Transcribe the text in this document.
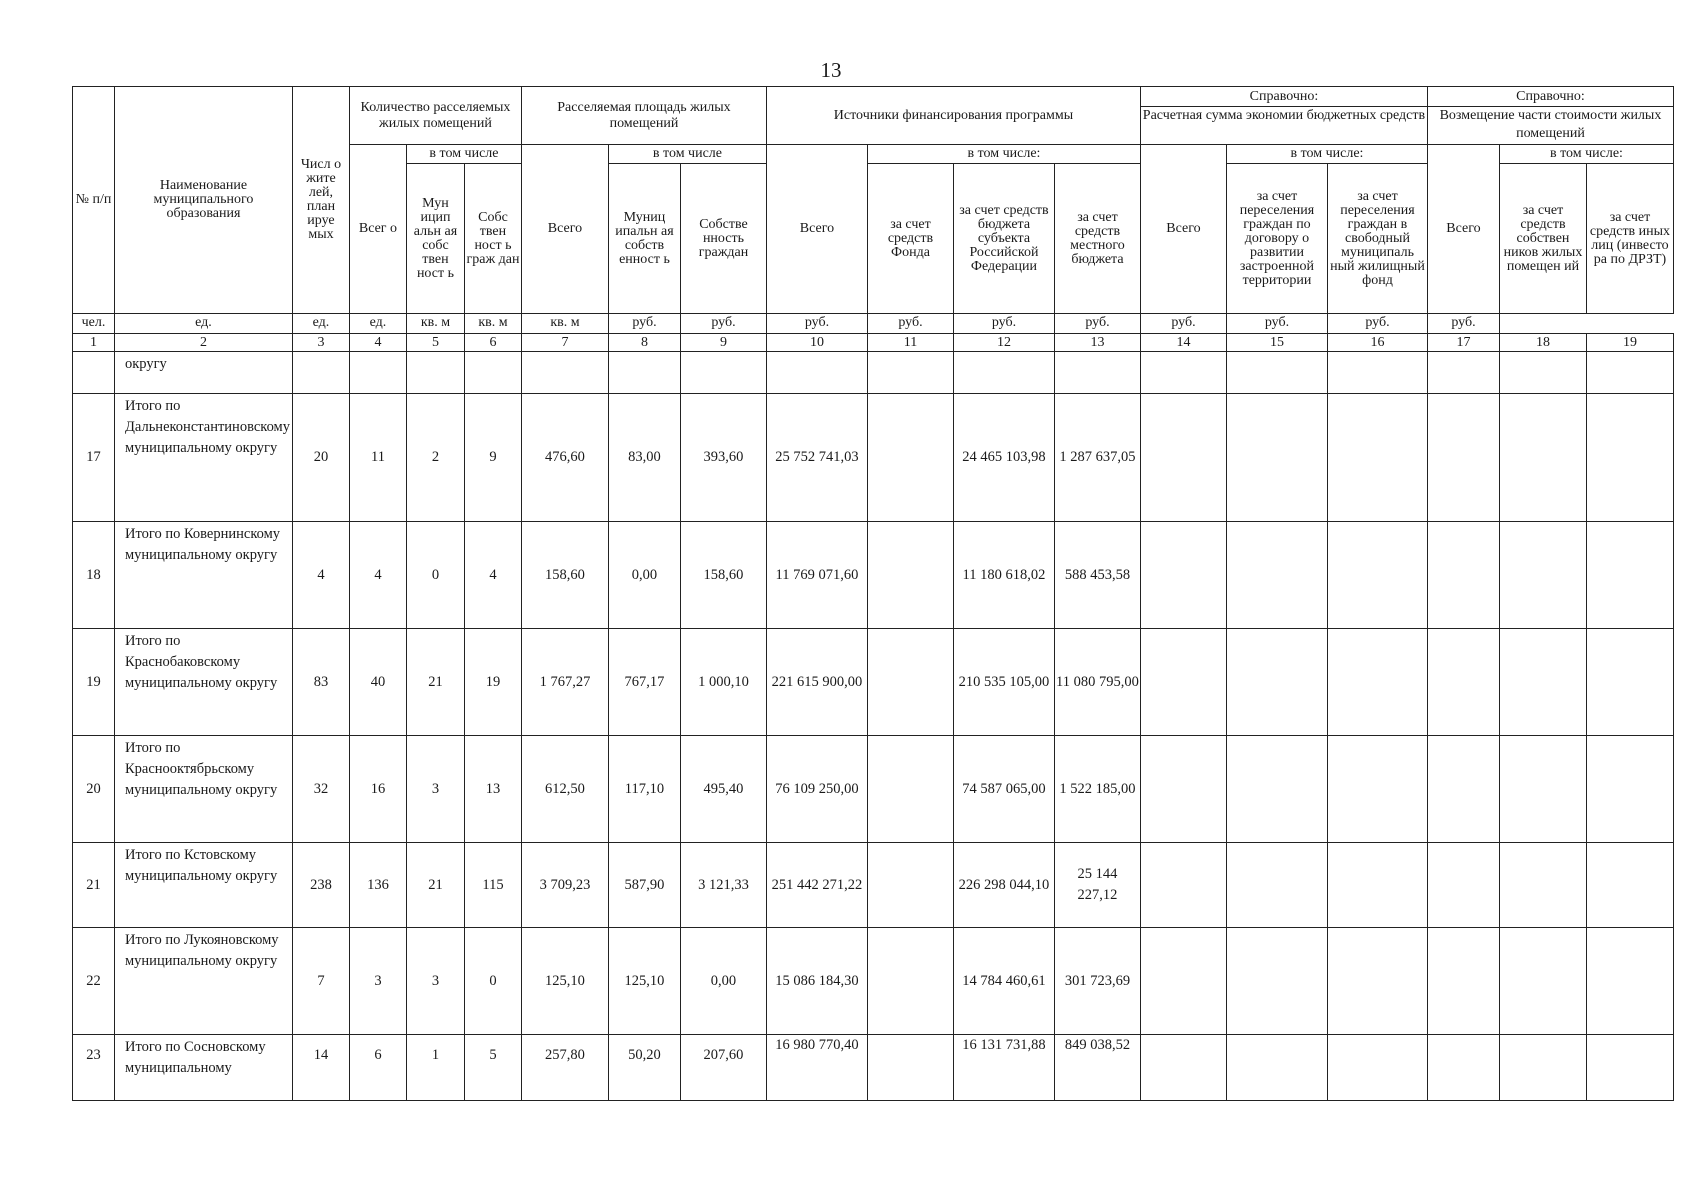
13
№ п/п	Наименование муниципального образования	Числ о жите лей, план ируе мых	Количество расселяемых жилых помещений			Расселяемая площадь жилых помещений			Источники финансирования программы				Справочно:			Справочно:		
													Расчетная сумма экономии бюджетных средств			Возмещение части стоимости жилых помещений		
			Всег о	в том числе		Всего	в том числе		Всего	в том числе:			Всего	в том числе:		Всего	в том числе:	
				Мун ицип альн ая собс твен ност ь	Собс твен ност ь граж дан		Муниц ипальн ая собств енност ь	Собстве нность граждан		за счет средств Фонда	за счет средств бюджета субъекта Российской Федерации	за счет средств местного бюджета		за счет переселения граждан по договору о развитии застроенной территории	за счет переселения граждан в свободный муниципаль ный жилищный фонд		за счет средств собствен ников жилых помещен ий	за счет средств иных лиц (инвесто ра по ДРЗТ)
чел.	ед.	ед.	ед.	кв. м	кв. м	кв. м	руб.	руб.	руб.	руб.	руб.	руб.	руб.	руб.	руб.	руб.		
1	2	3	4	5	6	7	8	9	10	11	12	13	14	15	16	17	18	19
	округу																	
17	Итого по Дальнеконстантиновскому муниципальному округу	20	11	2	9	476,60	83,00	393,60	25 752 741,03		24 465 103,98	1 287 637,05						
18	Итого по Ковернинскому муниципальному округу	4	4	0	4	158,60	0,00	158,60	11 769 071,60		11 180 618,02	588 453,58						
19	Итого по Краснобаковскому муниципальному округу	83	40	21	19	1 767,27	767,17	1 000,10	221 615 900,00		210 535 105,00	11 080 795,00						
20	Итого по Краснооктябрьскому муниципальному округу	32	16	3	13	612,50	117,10	495,40	76 109 250,00		74 587 065,00	1 522 185,00						
21	Итого по Кстовскому муниципальному округу	238	136	21	115	3 709,23	587,90	3 121,33	251 442 271,22		226 298 044,10	25 144 227,12						
22	Итого по Лукояновскому муниципальному округу	7	3	3	0	125,10	125,10	0,00	15 086 184,30		14 784 460,61	301 723,69						
23	Итого по Сосновскому муниципальному	14	6	1	5	257,80	50,20	207,60	16 980 770,40		16 131 731,88	849 038,52						
